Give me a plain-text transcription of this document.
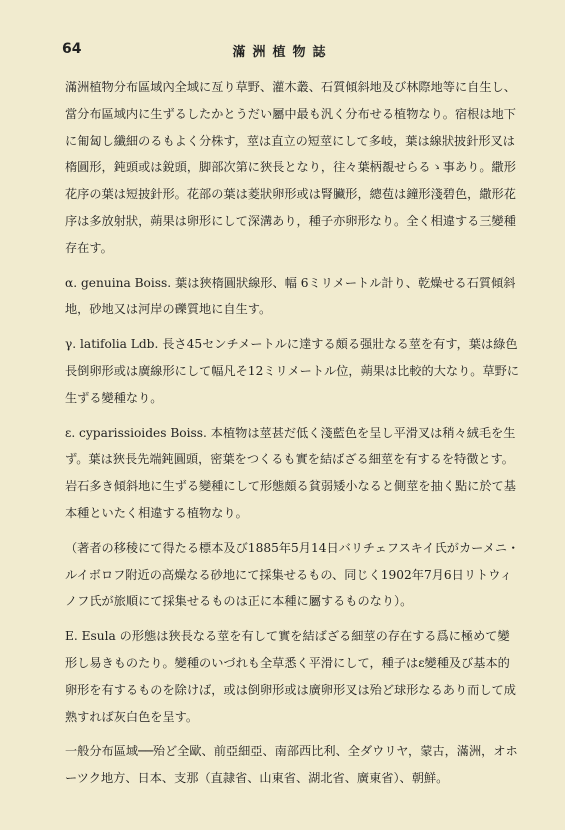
64	滿洲植物誌

滿洲植物分布區域內全域に亙り草野、灌木叢、石質傾斜地及び林際地等に自生し、當分布區域内に生ずるしたかとうだい屬中最も汎く分布せる植物なり。宿根は地下に匍匐し纖細のるもよく分株す，莖は直立の短莖にして多岐，葉は線狀披針形叉は楕圓形，鈍頭或は銳頭，脚部次第に狹長となり，往々葉柄覩せらるゝ事あり。繖形花序の葉は短披針形。花部の葉は菱狀卵形或は腎臟形，總苞は鐘形淺碧色，繖形花序は多放射狀，蒴果は卵形にして深溝あり，種子亦卵形なり。全く相違する三變種存在す。

α. genuina Boiss. 葉は狹楕圓狀線形、幅 6ミリメートル計り、乾燥せる石質傾斜地，砂地又は河岸の礫質地に自生す。

γ. latifolia Ldb. 長さ45センチメートルに達する頗る强壯なる莖を有す，葉は綠色長倒卵形或は廣線形にして幅凡そ12ミリメートル位，蒴果は比較的大なり。草野に生ずる變種なり。

ε. cyparissioides Boiss. 本植物は莖甚だ低く淺藍色を呈し平滑叉は稍々絨毛を生ず。葉は狹長先端鈍圓頭，密葉をつくるも實を結ばざる細莖を有するを特徴とす。岩石多き傾斜地に生ずる變種にして形態頗る貧弱矮小なると側莖を抽く點に於て基本種といたく相違する植物なり。

（著者の移稜にて得たる標本及び1885年5月14日バリチェフスキイ氏がカーメニ・ルイボロフ附近の高燥なる砂地にて採集せるもの、同じく1902年7月6日リトウィノフ氏が旅順にて採集せるものは正に本種に屬するものなり）。

E. Esula の形態は狹長なる莖を有して實を結ばざる細莖の存在する爲に極めて變形し易きものたり。變種のいづれも全草悉く平滑にして，種子はε變種及び基本的卵形を有するものを除けば，或は倒卵形或は廣卵形叉は殆ど球形なるあり而して成熟すれば灰白色を呈す。

一般分布區域──殆ど全歐、前亞細亞、南部西比利、全ダウリヤ，蒙古，滿洲，オホーツク地方、日本、支那（直隷省、山東省、湖北省、廣東省）、朝鮮。
